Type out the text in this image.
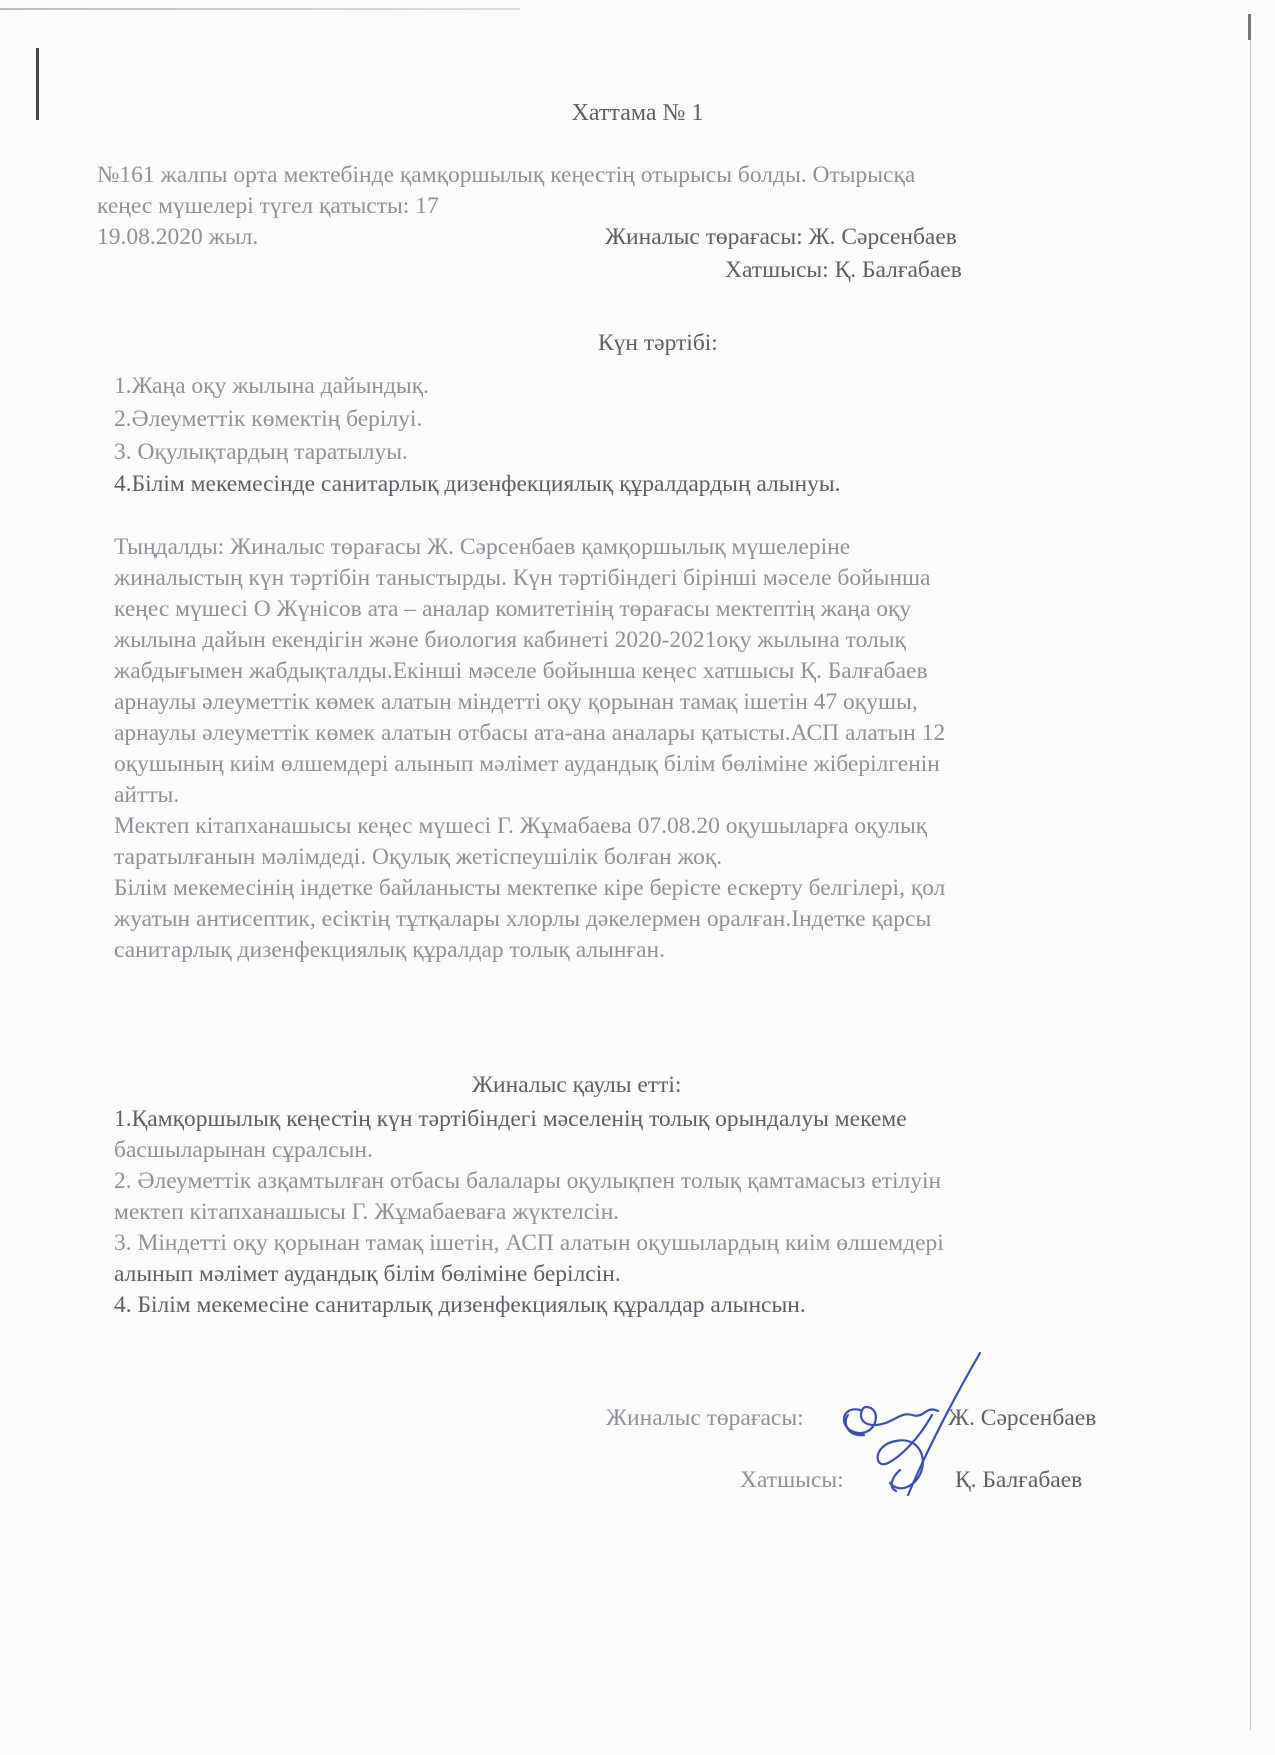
Хаттама № 1
№161 жалпы орта мектебінде қамқоршылық кеңестің отырысы болды. Отырысқа
кеңес мүшелері түгел қатысты: 17
19.08.2020 жыл.	Жиналыс төрағасы: Ж. Сәрсенбаев
Хатшысы: Қ. Балғабаев
Күн тәртібі:
1.Жаңа оқу жылына дайындық.
2.Әлеуметтік көмектің берілуі.
3. Оқулықтардың таратылуы.
4.Білім мекемесінде санитарлық дизенфекциялық құралдардың алынуы.
Тыңдалды: Жиналыс төрағасы Ж. Сәрсенбаев қамқоршылық мүшелеріне
жиналыстың күн тәртібін таныстырды. Күн тәртібіндегі бірінші мәселе бойынша
кеңес мүшесі О Жүнісов ата – аналар комитетінің төрағасы мектептің жаңа оқу
жылына дайын екендігін және биология кабинеті 2020-2021оқу жылына толық
жабдығымен жабдықталды.Екінші мәселе бойынша кеңес хатшысы Қ. Балғабаев
арнаулы әлеуметтік көмек алатын міндетті оқу қорынан тамақ ішетін 47 оқушы,
арнаулы әлеуметтік көмек алатын отбасы ата-ана аналары қатысты.АСП алатын 12
оқушының киім өлшемдері алынып мәлімет аудандық білім бөліміне жіберілгенін
айтты.
Мектеп кітапханашысы кеңес мүшесі Г. Жұмабаева 07.08.20 оқушыларға оқулық
таратылғанын мәлімдеді. Оқулық жетіспеушілік болған жоқ.
Білім мекемесінің індетке байланысты мектепке кіре берісте ескерту белгілері, қол
жуатын антисептик, есіктің тұтқалары хлорлы дәкелермен оралған.Індетке қарсы
санитарлық дизенфекциялық құралдар толық алынған.
Жиналыс қаулы етті:
1.Қамқоршылық кеңестің күн тәртібіндегі мәселенің толық орындалуы мекеме
басшыларынан сұралсын.
2. Әлеуметтік азқамтылған отбасы балалары оқулықпен толық қамтамасыз етілуін
мектеп кітапханашысы Г. Жұмабаеваға жүктелсін.
3. Міндетті оқу қорынан тамақ ішетін, АСП алатын оқушылардың киім өлшемдері
алынып мәлімет аудандық білім бөліміне берілсін.
4. Білім мекемесіне санитарлық дизенфекциялық құралдар алынсын.
Жиналыс төрағасы:	Ж. Сәрсенбаев
Хатшысы:	Қ. Балғабаев
